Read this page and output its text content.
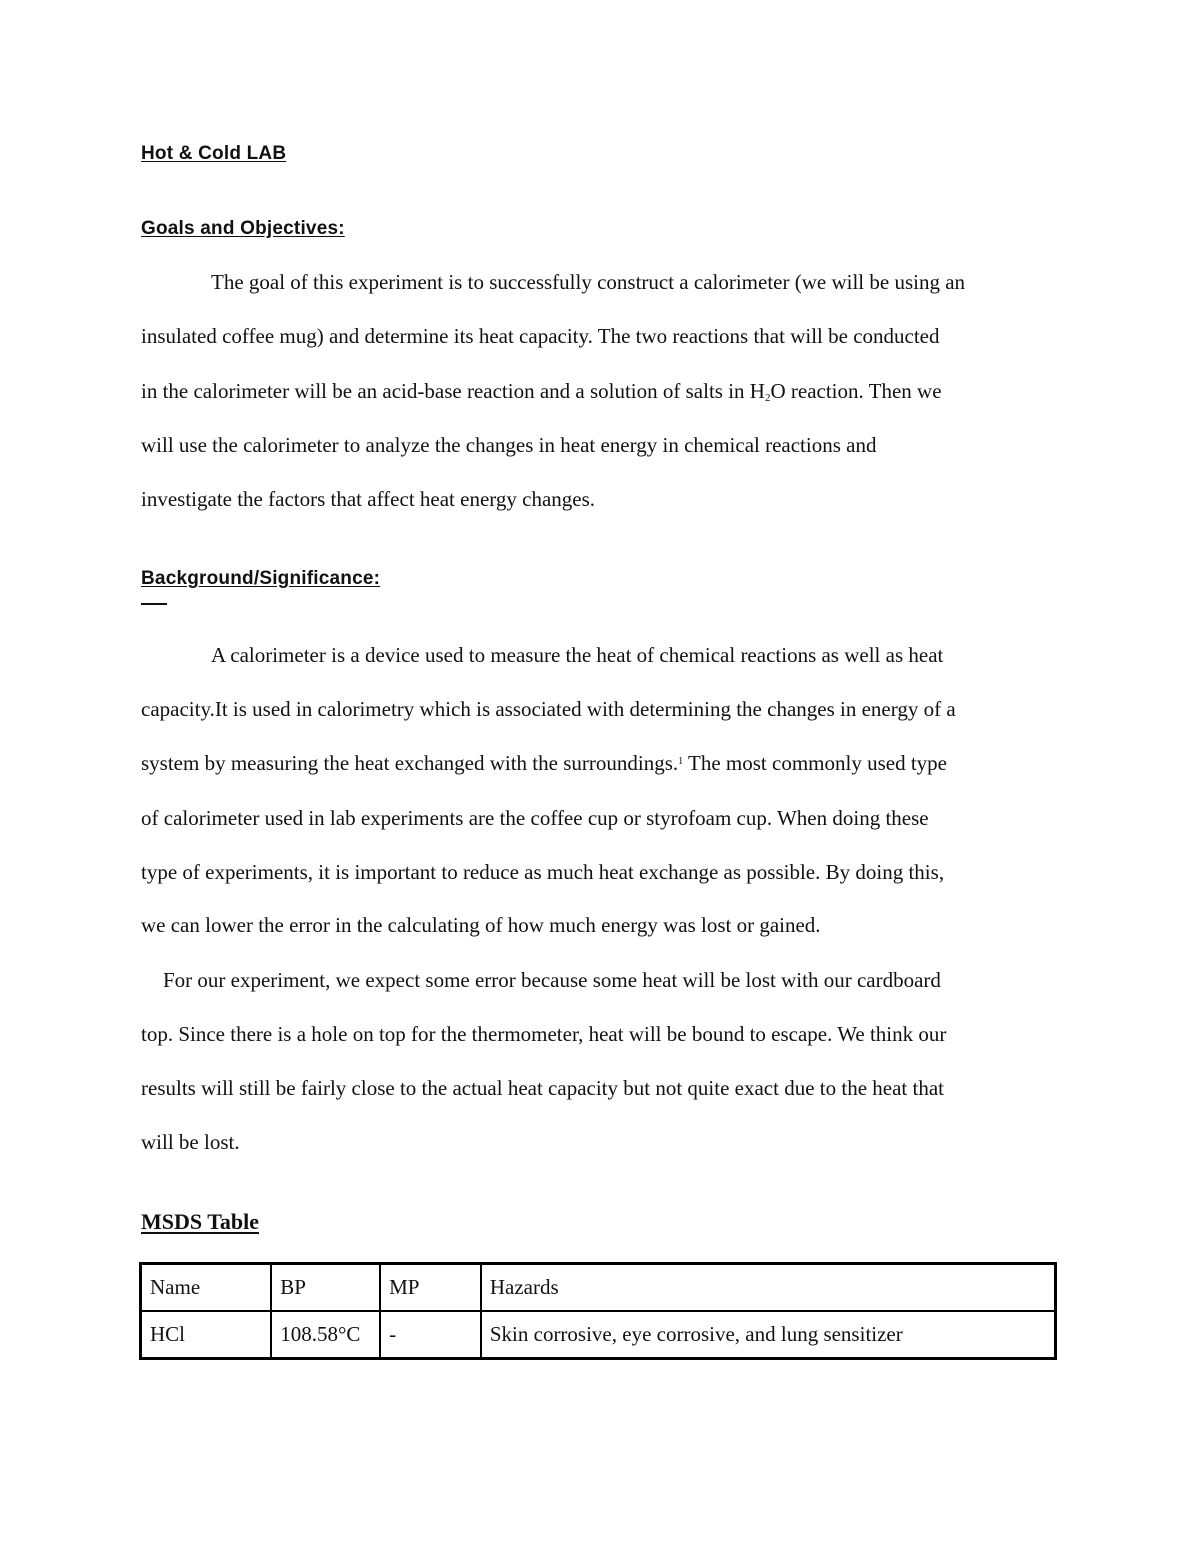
Hot & Cold LAB

Goals and Objectives:

The goal of this experiment is to successfully construct a calorimeter (we will be using an

insulated coffee mug) and determine its heat capacity. The two reactions that will be conducted

in the calorimeter will be an acid-base reaction and a solution of salts in $H_2O$ reaction. Then we

will use the calorimeter to analyze the changes in heat energy in chemical reactions and

investigate the factors that affect heat energy changes.

Background/Significance:

A calorimeter is a device used to measure the heat of chemical reactions as well as heat

capacity.It is used in calorimetry which is associated with determining the changes in energy of a

system by measuring the heat exchanged with the surroundings.$^1$ The most commonly used type

of calorimeter used in lab experiments are the coffee cup or styrofoam cup. When doing these

type of experiments, it is important to reduce as much heat exchange as possible. By doing this,

we can lower the error in the calculating of how much energy was lost or gained.

For our experiment, we expect some error because some heat will be lost with our cardboard

top. Since there is a hole on top for the thermometer, heat will be bound to escape. We think our

results will still be fairly close to the actual heat capacity but not quite exact due to the heat that

will be lost.

MSDS Table

Name	BP	MP	Hazards
HCl	108.58°C	-	Skin corrosive, eye corrosive, and lung sensitizer
